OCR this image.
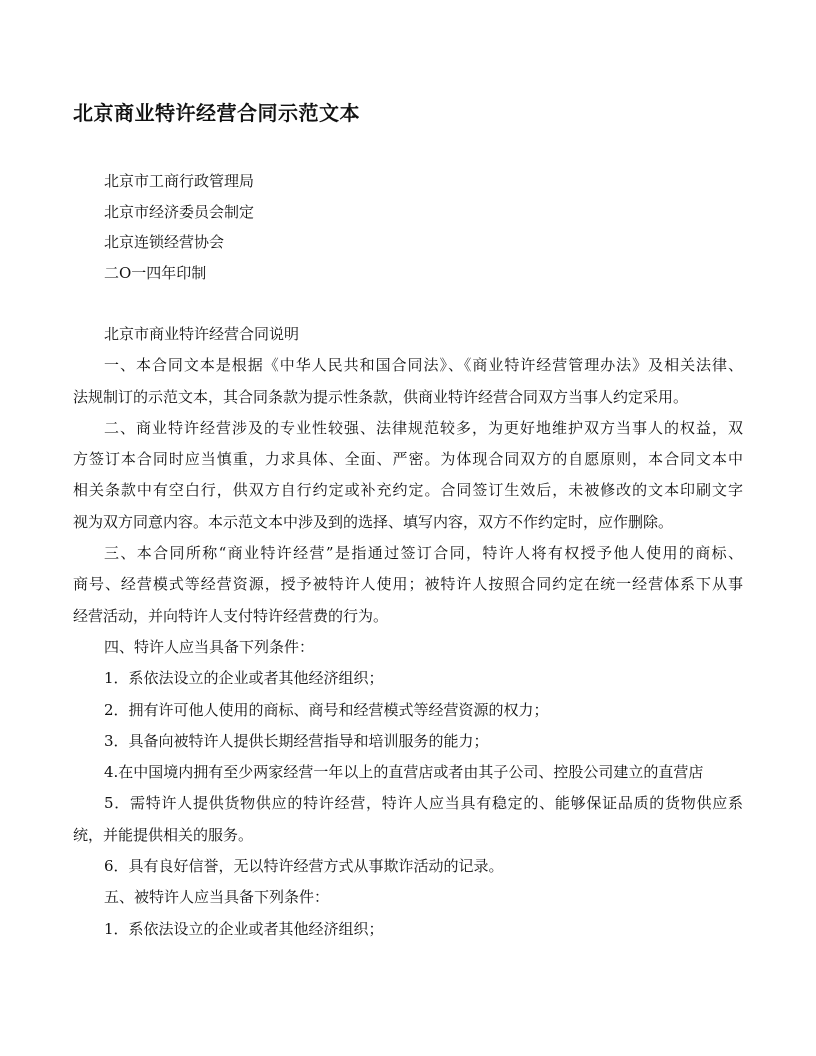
北京商业特许经营合同示范文本
北京市工商行政管理局
北京市经济委员会制定
北京连锁经营协会
二O一四年印制
北京市商业特许经营合同说明
一、本合同文本是根据《中华人民共和国合同法》、《商业特许经营管理办法》及相关法律、
法规制订的示范文本，其合同条款为提示性条款，供商业特许经营合同双方当事人约定采用。
二、商业特许经营涉及的专业性较强、法律规范较多，为更好地维护双方当事人的权益，双
方签订本合同时应当慎重，力求具体、全面、严密。为体现合同双方的自愿原则，本合同文本中
相关条款中有空白行，供双方自行约定或补充约定。合同签订生效后，未被修改的文本印刷文字
视为双方同意内容。本示范文本中涉及到的选择、填写内容，双方不作约定时，应作删除。
三、本合同所称“商业特许经营”是指通过签订合同，特许人将有权授予他人使用的商标、
商号、经营模式等经营资源，授予被特许人使用；被特许人按照合同约定在统一经营体系下从事
经营活动，并向特许人支付特许经营费的行为。
四、特许人应当具备下列条件：
1．系依法设立的企业或者其他经济组织；
2．拥有许可他人使用的商标、商号和经营模式等经营资源的权力；
3．具备向被特许人提供长期经营指导和培训服务的能力；
4.在中国境内拥有至少两家经营一年以上的直营店或者由其子公司、控股公司建立的直营店
5．需特许人提供货物供应的特许经营，特许人应当具有稳定的、能够保证品质的货物供应系
统，并能提供相关的服务。
6．具有良好信誉，无以特许经营方式从事欺诈活动的记录。
五、被特许人应当具备下列条件：
1．系依法设立的企业或者其他经济组织；
